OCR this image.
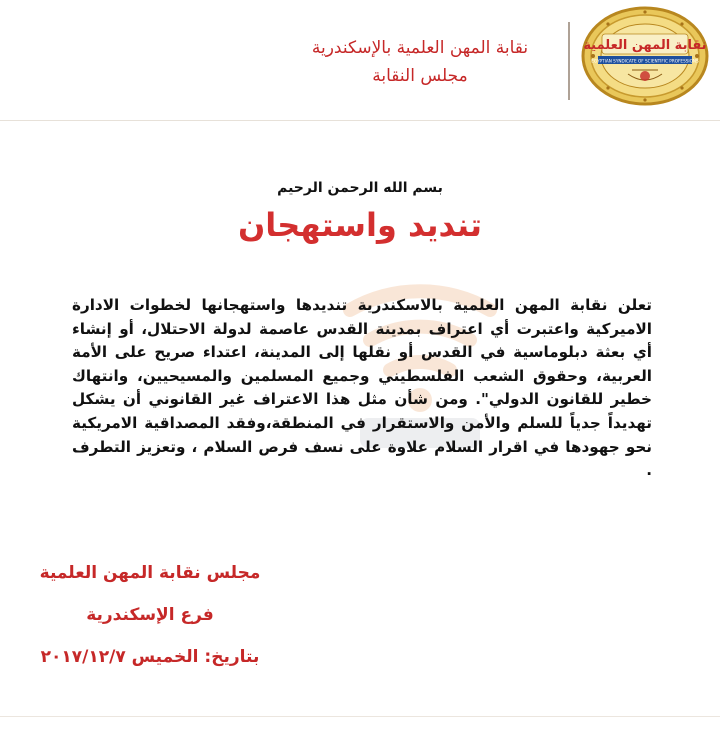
نقابة المهن العلمية بالإسكندرية
مجلس النقابة
نقابة المهن العلمية
EGYPTIAN SYNDICATE OF SCIENTIFIC PROFESSIONS
بسم الله الرحمن الرحيم
تنديد واستهجان
تعلن نقابة المهن العلمية بالاسكندرية تنديدها واستهجانها لخطوات الادارة الاميركية واعتبرت أي اعتراف بمدينة القدس عاصمة لدولة الاحتلال، أو إنشاء أي بعثة دبلوماسية في القدس أو نقلها إلى المدينة، اعتداء صريح على الأمة العربية، وحقوق الشعب الفلسطيني وجميع المسلمين والمسيحيين، وانتهاك خطير للقانون الدولي". ومن شأن مثل هذا الاعتراف غير القانوني أن يشكل تهديداً جدياً للسلم والأمن والاستقرار في المنطقة،وفقد المصداقية الامريكية نحو جهودها في اقرار السلام علاوة على نسف فرص السلام ، وتعزيز التطرف .
مجلس نقابة المهن العلمية
فرع الإسكندرية
بتاريخ: الخميس ٢٠١٧/١٢/٧
